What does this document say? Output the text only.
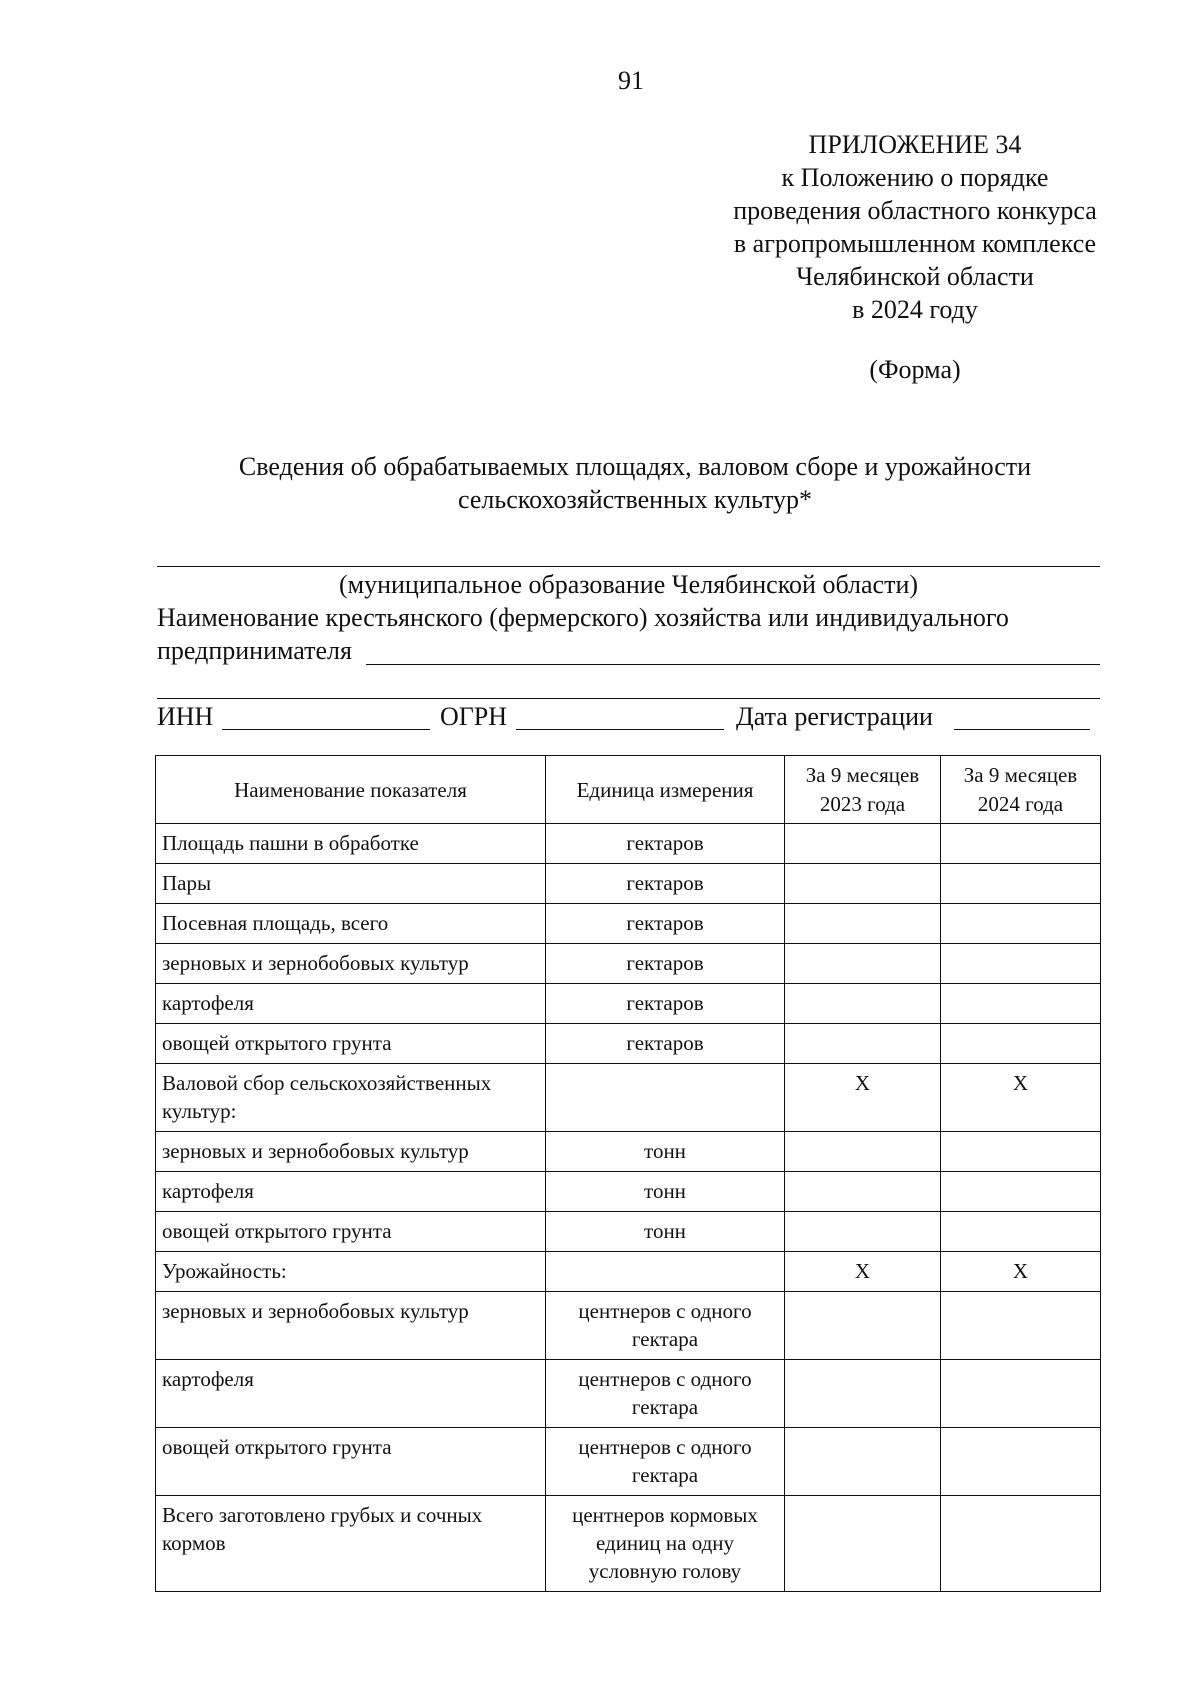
91
ПРИЛОЖЕНИЕ 34
к Положению о порядке
проведения областного конкурса
в агропромышленном комплексе
Челябинской области
в 2024 году
(Форма)
Сведения об обрабатываемых площадях, валовом сборе и урожайности
сельскохозяйственных культур*
(муниципальное образование Челябинской области)
Наименование крестьянского (фермерского) хозяйства или индивидуального
предпринимателя
ИНН	ОГРН	Дата регистрации
Наименование показателя	Единица измерения	За 9 месяцев 2023 года	За 9 месяцев 2024 года
Площадь пашни в обработке	гектаров		
Пары	гектаров		
Посевная площадь, всего	гектаров		
зерновых и зернобобовых культур	гектаров		
картофеля	гектаров		
овощей открытого грунта	гектаров		
Валовой сбор сельскохозяйственных культур:		X	X
зерновых и зернобобовых культур	тонн		
картофеля	тонн		
овощей открытого грунта	тонн		
Урожайность:		X	X
зерновых и зернобобовых культур	центнеров с одного гектара		
картофеля	центнеров с одного гектара		
овощей открытого грунта	центнеров с одного гектара		
Всего заготовлено грубых и сочных кормов	центнеров кормовых единиц на одну условную голову		
